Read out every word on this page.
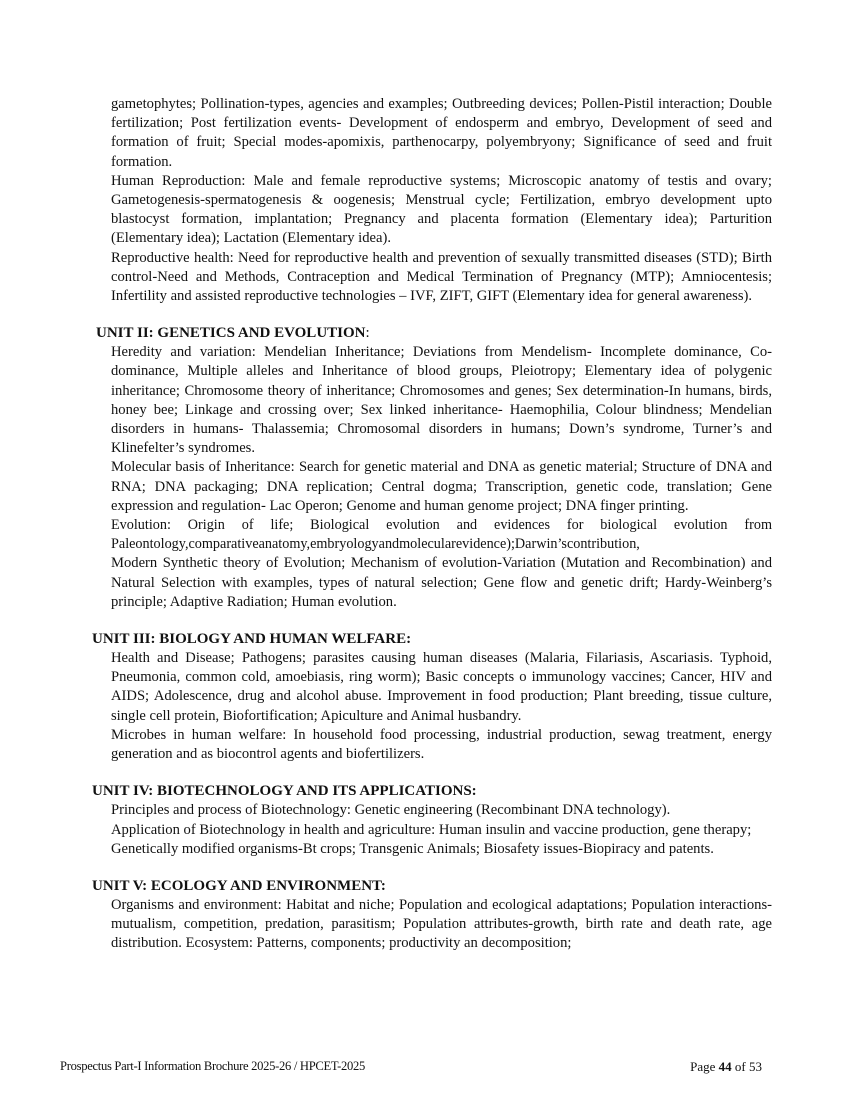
gametophytes; Pollination-types, agencies and examples; Outbreeding devices; Pollen-Pistil interaction; Double fertilization; Post fertilization events- Development of endosperm and embryo, Development of seed and formation of fruit; Special modes-apomixis, parthenocarpy, polyembryony; Significance of seed and fruit formation.

Human Reproduction: Male and female reproductive systems; Microscopic anatomy of testis and ovary; Gametogenesis-spermatogenesis & oogenesis; Menstrual cycle; Fertilization, embryo development upto blastocyst formation, implantation; Pregnancy and placenta formation (Elementary idea); Parturition (Elementary idea); Lactation (Elementary idea).

Reproductive health: Need for reproductive health and prevention of sexually transmitted diseases (STD); Birth control-Need and Methods, Contraception and Medical Termination of Pregnancy (MTP); Amniocentesis; Infertility and assisted reproductive technologies – IVF, ZIFT, GIFT (Elementary idea for general awareness).

UNIT II: GENETICS AND EVOLUTION:

Heredity and variation: Mendelian Inheritance; Deviations from Mendelism- Incomplete dominance, Co-dominance, Multiple alleles and Inheritance of blood groups, Pleiotropy; Elementary idea of polygenic inheritance; Chromosome theory of inheritance; Chromosomes and genes; Sex determination-In humans, birds, honey bee; Linkage and crossing over; Sex linked inheritance- Haemophilia, Colour blindness; Mendelian disorders in humans- Thalassemia; Chromosomal disorders in humans; Down’s syndrome, Turner’s and Klinefelter’s syndromes.

Molecular basis of Inheritance: Search for genetic material and DNA as genetic material; Structure of DNA and RNA; DNA packaging; DNA replication; Central dogma; Transcription, genetic code, translation; Gene expression and regulation- Lac Operon; Genome and human genome project; DNA finger printing.

Evolution: Origin of life; Biological evolution and evidences for biological evolution from Paleontology,comparativeanatomy,embryologyandmolecularevidence);Darwin’scontribution,

Modern Synthetic theory of Evolution; Mechanism of evolution-Variation (Mutation and Recombination) and Natural Selection with examples, types of natural selection; Gene flow and genetic drift; Hardy-Weinberg’s principle; Adaptive Radiation; Human evolution.

UNIT III: BIOLOGY AND HUMAN WELFARE:

Health and Disease; Pathogens; parasites causing human diseases (Malaria, Filariasis, Ascariasis. Typhoid, Pneumonia, common cold, amoebiasis, ring worm); Basic concepts o immunology vaccines; Cancer, HIV and AIDS; Adolescence, drug and alcohol abuse. Improvement in food production; Plant breeding, tissue culture, single cell protein, Biofortification; Apiculture and Animal husbandry.

Microbes in human welfare: In household food processing, industrial production, sewag treatment, energy generation and as biocontrol agents and biofertilizers.

UNIT IV: BIOTECHNOLOGY AND ITS APPLICATIONS:

Principles and process of Biotechnology: Genetic engineering (Recombinant DNA technology).

Application of Biotechnology in health and agriculture: Human insulin and vaccine production, gene therapy; Genetically modified organisms-Bt crops; Transgenic Animals; Biosafety issues-Biopiracy and patents.

UNIT V: ECOLOGY AND ENVIRONMENT:

Organisms and environment: Habitat and niche; Population and ecological adaptations; Population interactions-mutualism, competition, predation, parasitism; Population attributes-growth, birth rate and death rate, age distribution. Ecosystem: Patterns, components; productivity an decomposition;

Prospectus Part-I Information Brochure 2025-26 / HPCET-2025	Page 44 of 53
